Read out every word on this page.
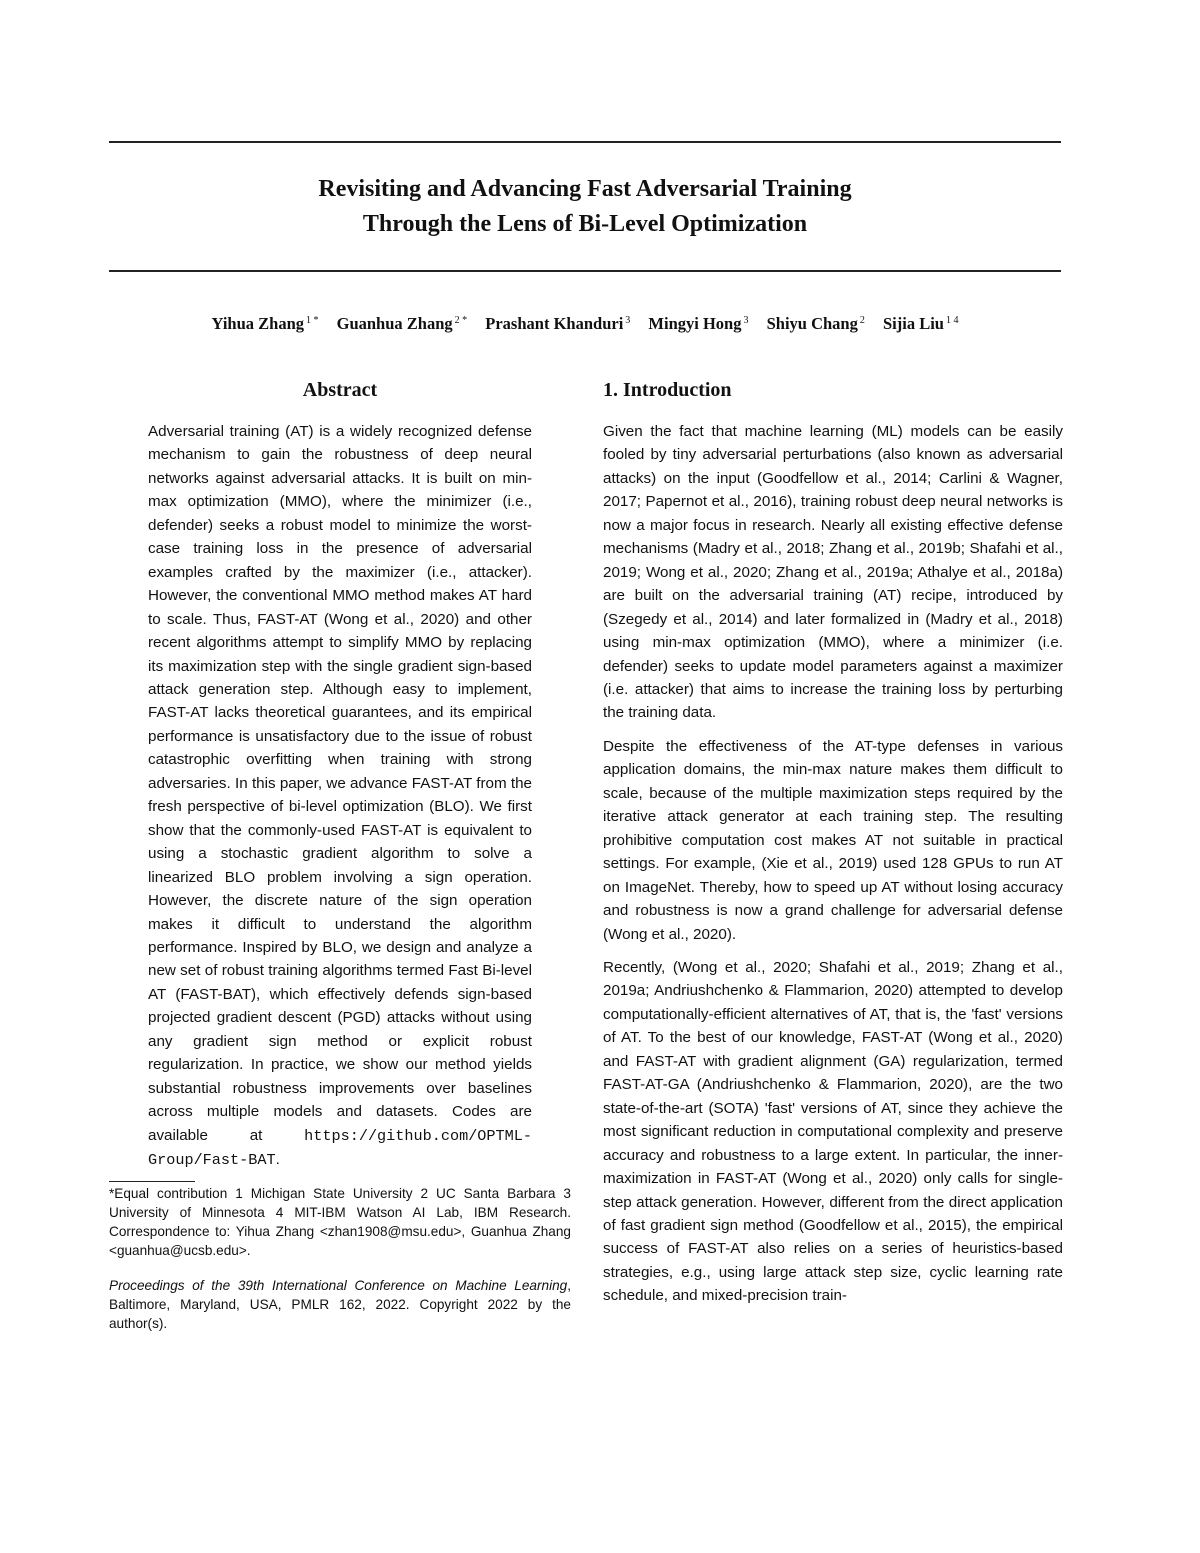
Revisiting and Advancing Fast Adversarial Training
Through the Lens of Bi-Level Optimization
Yihua Zhang $^{1 *}$ Guanhua Zhang $^{2 *}$ Prashant Khanduri $^3$ Mingyi Hong $^3$ Shiyu Chang $^2$ Sijia Liu $^{1 4}$
Abstract

Adversarial training (AT) is a widely recognized defense mechanism to gain the robustness of deep neural networks against adversarial attacks. It is built on min-max optimization (MMO), where the minimizer (i.e., defender) seeks a robust model to minimize the worst-case training loss in the presence of adversarial examples crafted by the maximizer (i.e., attacker). However, the conventional MMO method makes AT hard to scale. Thus, FAST-AT (Wong et al., 2020) and other recent algorithms attempt to simplify MMO by replacing its maximization step with the single gradient sign-based attack generation step. Although easy to implement, FAST-AT lacks theoretical guarantees, and its empirical performance is unsatisfactory due to the issue of robust catastrophic overfitting when training with strong adversaries. In this paper, we advance FAST-AT from the fresh perspective of bi-level optimization (BLO). We first show that the commonly-used FAST-AT is equivalent to using a stochastic gradient algorithm to solve a linearized BLO problem involving a sign operation. However, the discrete nature of the sign operation makes it difficult to understand the algorithm performance. Inspired by BLO, we design and analyze a new set of robust training algorithms termed Fast Bi-level AT (FAST-BAT), which effectively defends sign-based projected gradient descent (PGD) attacks without using any gradient sign method or explicit robust regularization. In practice, we show our method yields substantial robustness improvements over baselines across multiple models and datasets. Codes are available at	https://github.com/OPTML-Group/Fast-BAT.

*Equal contribution 1 Michigan State University 2 UC Santa Barbara 3 University of Minnesota 4 MIT-IBM Watson AI Lab, IBM Research. Correspondence to: Yihua Zhang <zhan1908@msu.edu>, Guanhua Zhang <guanhua@ucsb.edu>.

Proceedings of the 39th International Conference on Machine Learning, Baltimore, Maryland, USA, PMLR 162, 2022. Copyright 2022 by the author(s).

1. Introduction

Given the fact that machine learning (ML) models can be easily fooled by tiny adversarial perturbations (also known as adversarial attacks) on the input (Goodfellow et al., 2014; Carlini & Wagner, 2017; Papernot et al., 2016), training robust deep neural networks is now a major focus in research. Nearly all existing effective defense mechanisms (Madry et al., 2018; Zhang et al., 2019b; Shafahi et al., 2019; Wong et al., 2020; Zhang et al., 2019a; Athalye et al., 2018a) are built on the adversarial training (AT) recipe, introduced by (Szegedy et al., 2014) and later formalized in (Madry et al., 2018) using min-max optimization (MMO), where a minimizer (i.e. defender) seeks to update model parameters against a maximizer (i.e. attacker) that aims to increase the training loss by perturbing the training data.

Despite the effectiveness of the AT-type defenses in various application domains, the min-max nature makes them difficult to scale, because of the multiple maximization steps required by the iterative attack generator at each training step. The resulting prohibitive computation cost makes AT not suitable in practical settings. For example, (Xie et al., 2019) used 128 GPUs to run AT on ImageNet. Thereby, how to speed up AT without losing accuracy and robustness is now a grand challenge for adversarial defense (Wong et al., 2020).

Recently, (Wong et al., 2020; Shafahi et al., 2019; Zhang et al., 2019a; Andriushchenko & Flammarion, 2020) attempted to develop computationally-efficient alternatives of AT, that is, the 'fast' versions of AT. To the best of our knowledge, FAST-AT (Wong et al., 2020) and FAST-AT with gradient alignment (GA) regularization, termed FAST-AT-GA (Andriushchenko & Flammarion, 2020), are the two state-of-the-art (SOTA) 'fast' versions of AT, since they achieve the most significant reduction in computational complexity and preserve accuracy and robustness to a large extent. In particular, the inner-maximization in FAST-AT (Wong et al., 2020) only calls for single-step attack generation. However, different from the direct application of fast gradient sign method (Goodfellow et al., 2015), the empirical success of FAST-AT also relies on a series of heuristics-based strategies, e.g., using large attack step size, cyclic learning rate schedule, and mixed-precision train-
